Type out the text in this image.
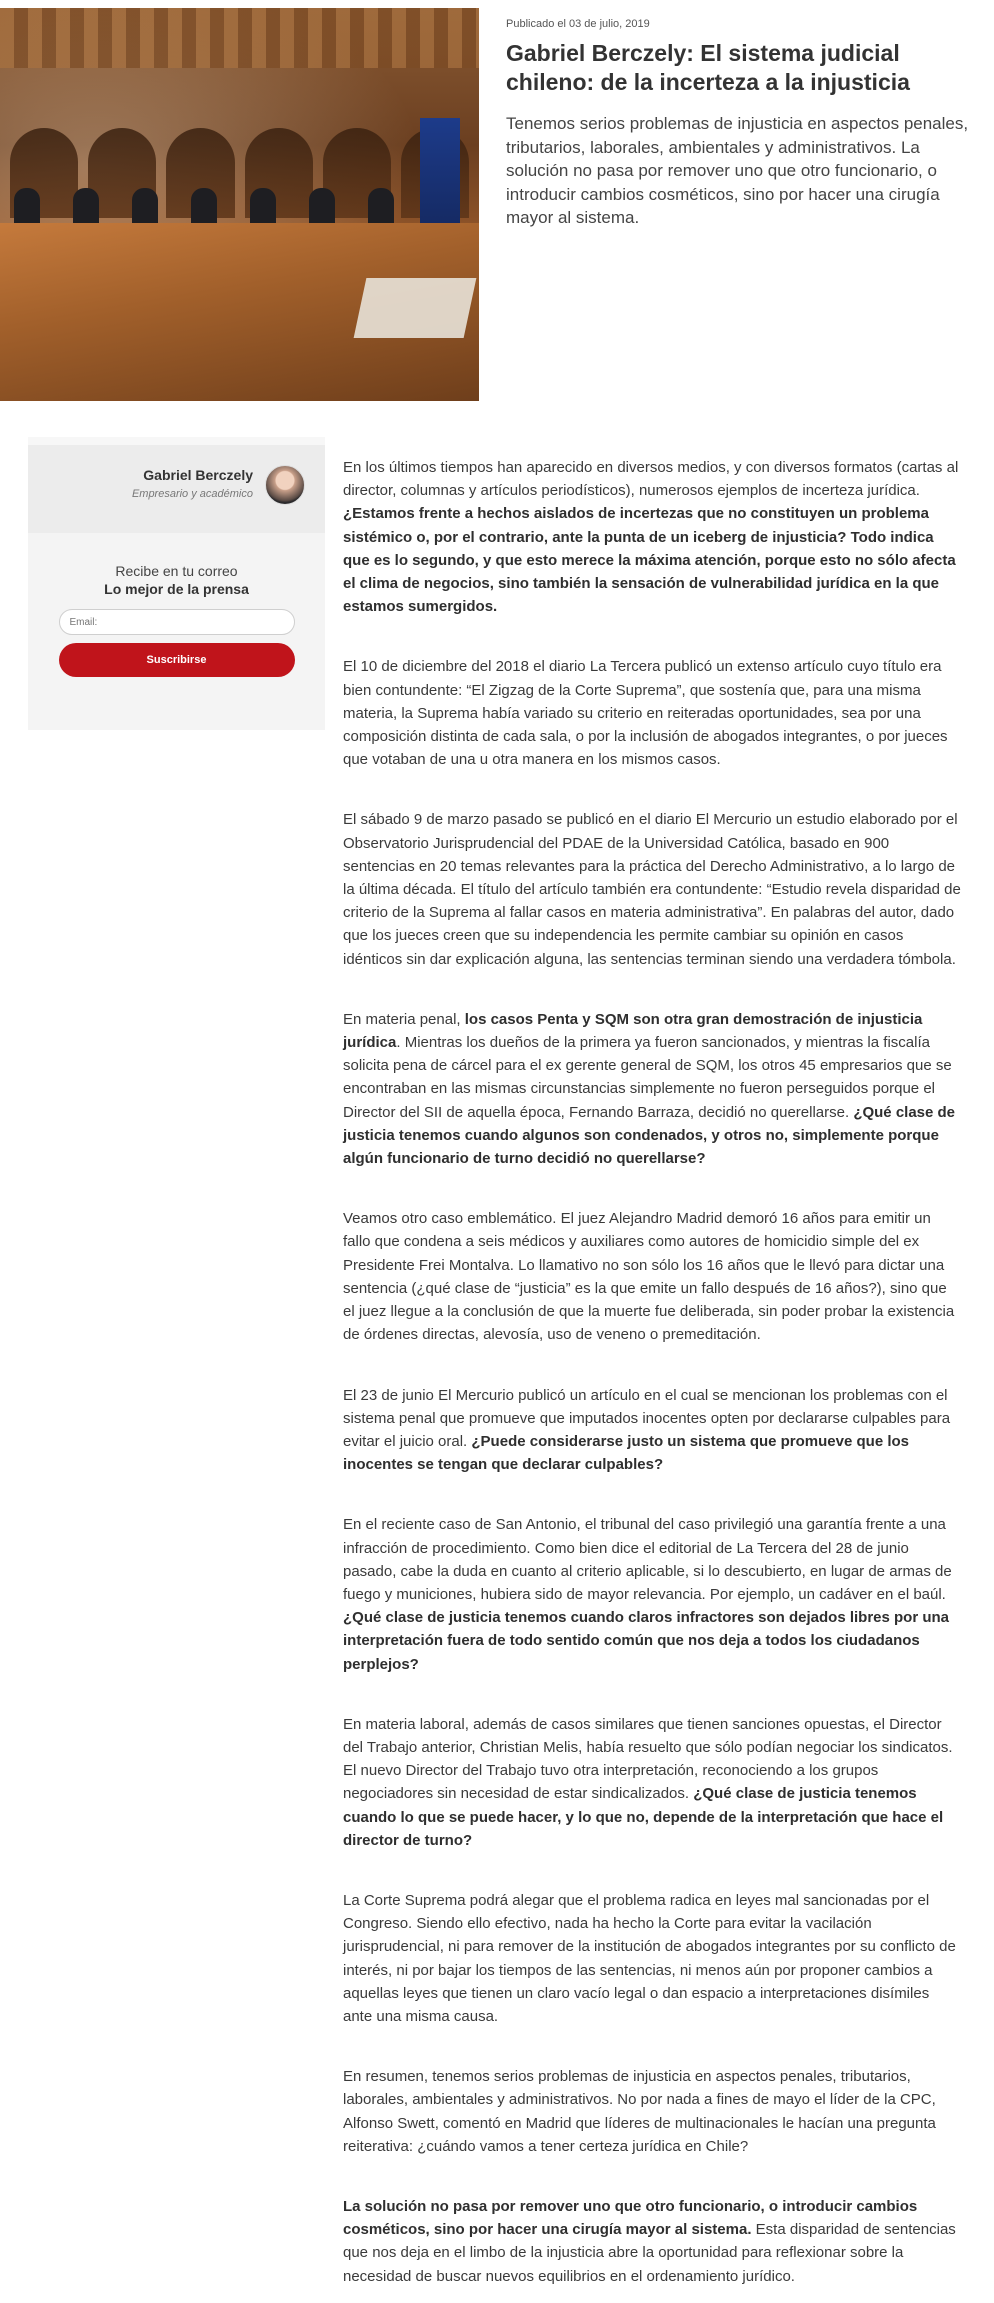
Publicado el 03 de julio, 2019
Gabriel Berczely: El sistema judicial chileno: de la incerteza a la injusticia

Tenemos serios problemas de injusticia en aspectos penales, tributarios, laborales, ambientales y administrativos. La solución no pasa por remover uno que otro funcionario, o introducir cambios cosméticos, sino por hacer una cirugía mayor al sistema.

Gabriel Berczely
Empresario y académico
Recibe en tu correo
Lo mejor de la prensa
Email:
Suscribirse

En los últimos tiempos han aparecido en diversos medios, y con diversos formatos (cartas al director, columnas y artículos periodísticos), numerosos ejemplos de incerteza jurídica. ¿Estamos frente a hechos aislados de incertezas que no constituyen un problema sistémico o, por el contrario, ante la punta de un iceberg de injusticia? Todo indica que es lo segundo, y que esto merece la máxima atención, porque esto no sólo afecta el clima de negocios, sino también la sensación de vulnerabilidad jurídica en la que estamos sumergidos.

El 10 de diciembre del 2018 el diario La Tercera publicó un extenso artículo cuyo título era bien contundente: “El Zigzag de la Corte Suprema”, que sostenía que, para una misma materia, la Suprema había variado su criterio en reiteradas oportunidades, sea por una composición distinta de cada sala, o por la inclusión de abogados integrantes, o por jueces que votaban de una u otra manera en los mismos casos.

El sábado 9 de marzo pasado se publicó en el diario El Mercurio un estudio elaborado por el Observatorio Jurisprudencial del PDAE de la Universidad Católica, basado en 900 sentencias en 20 temas relevantes para la práctica del Derecho Administrativo, a lo largo de la última década. El título del artículo también era contundente: “Estudio revela disparidad de criterio de la Suprema al fallar casos en materia administrativa”. En palabras del autor, dado que los jueces creen que su independencia les permite cambiar su opinión en casos idénticos sin dar explicación alguna, las sentencias terminan siendo una verdadera tómbola.

En materia penal, los casos Penta y SQM son otra gran demostración de injusticia jurídica. Mientras los dueños de la primera ya fueron sancionados, y mientras la fiscalía solicita pena de cárcel para el ex gerente general de SQM, los otros 45 empresarios que se encontraban en las mismas circunstancias simplemente no fueron perseguidos porque el Director del SII de aquella época, Fernando Barraza, decidió no querellarse. ¿Qué clase de justicia tenemos cuando algunos son condenados, y otros no, simplemente porque algún funcionario de turno decidió no querellarse?

Veamos otro caso emblemático. El juez Alejandro Madrid demoró 16 años para emitir un fallo que condena a seis médicos y auxiliares como autores de homicidio simple del ex Presidente Frei Montalva. Lo llamativo no son sólo los 16 años que le llevó para dictar una sentencia (¿qué clase de “justicia” es la que emite un fallo después de 16 años?), sino que el juez llegue a la conclusión de que la muerte fue deliberada, sin poder probar la existencia de órdenes directas, alevosía, uso de veneno o premeditación.

El 23 de junio El Mercurio publicó un artículo en el cual se mencionan los problemas con el sistema penal que promueve que imputados inocentes opten por declararse culpables para evitar el juicio oral. ¿Puede considerarse justo un sistema que promueve que los inocentes se tengan que declarar culpables?

En el reciente caso de San Antonio, el tribunal del caso privilegió una garantía frente a una infracción de procedimiento. Como bien dice el editorial de La Tercera del 28 de junio pasado, cabe la duda en cuanto al criterio aplicable, si lo descubierto, en lugar de armas de fuego y municiones, hubiera sido de mayor relevancia. Por ejemplo, un cadáver en el baúl. ¿Qué clase de justicia tenemos cuando claros infractores son dejados libres por una interpretación fuera de todo sentido común que nos deja a todos los ciudadanos perplejos?

En materia laboral, además de casos similares que tienen sanciones opuestas, el Director del Trabajo anterior, Christian Melis, había resuelto que sólo podían negociar los sindicatos. El nuevo Director del Trabajo tuvo otra interpretación, reconociendo a los grupos negociadores sin necesidad de estar sindicalizados. ¿Qué clase de justicia tenemos cuando lo que se puede hacer, y lo que no, depende de la interpretación que hace el director de turno?

La Corte Suprema podrá alegar que el problema radica en leyes mal sancionadas por el Congreso. Siendo ello efectivo, nada ha hecho la Corte para evitar la vacilación jurisprudencial, ni para remover de la institución de abogados integrantes por su conflicto de interés, ni por bajar los tiempos de las sentencias, ni menos aún por proponer cambios a aquellas leyes que tienen un claro vacío legal o dan espacio a interpretaciones disímiles ante una misma causa.

En resumen, tenemos serios problemas de injusticia en aspectos penales, tributarios, laborales, ambientales y administrativos. No por nada a fines de mayo el líder de la CPC, Alfonso Swett, comentó en Madrid que líderes de multinacionales le hacían una pregunta reiterativa: ¿cuándo vamos a tener certeza jurídica en Chile?

La solución no pasa por remover uno que otro funcionario, o introducir cambios cosméticos, sino por hacer una cirugía mayor al sistema. Esta disparidad de sentencias que nos deja en el limbo de la injusticia abre la oportunidad para reflexionar sobre la necesidad de buscar nuevos equilibrios en el ordenamiento jurídico.
